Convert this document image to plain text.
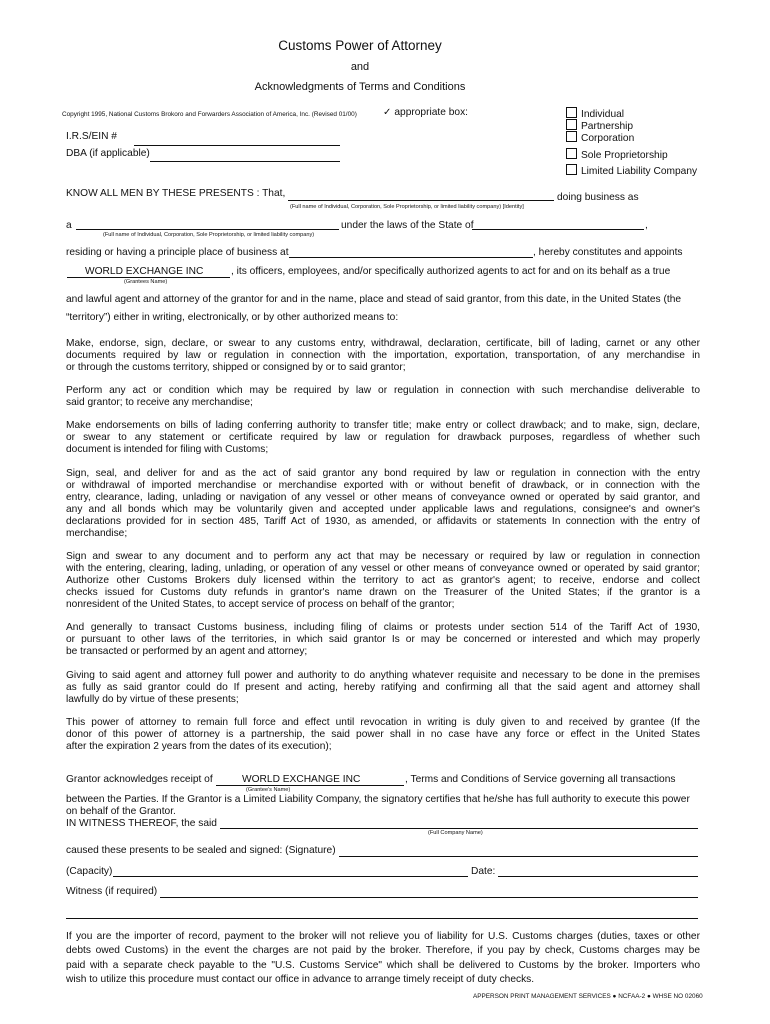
Customs Power of Attorney
and
Acknowledgments of Terms and Conditions
Copyright 1995, National Customs Brokoro and Forwarders Association of America, Inc. (Revised 01/00)	✓ appropriate box:	Individual
Partnership
Corporation
Sole Proprietorship
Limited Liability Company
I.R.S/EIN #
DBA (if applicable)
KNOW ALL MEN BY THESE PRESENTS : That,	doing business as
(Full name of Individual, Corporation, Sole Proprietorship, or limited liability company) [Identity]
a	under the laws of the State of	,
(Full name of Individual, Corporation, Sole Proprietorship, or limited liability company)
residing or having a principle place of business at	, hereby constitutes and appoints
WORLD EXCHANGE INC	, its officers, employees, and/or specifically authorized agents to act for and on its behalf as a true
(Grantees Name)
and lawful agent and attorney of the grantor for and in the name, place and stead of said grantor, from this date, in the United States (the
“territory”) either in writing, electronically, or by other authorized means to:
Make, endorse, sign, declare, or swear to any customs entry, withdrawal, declaration, certificate, bill of lading, carnet or any other
documents required by law or regulation in connection with the importation, exportation, transportation, of any merchandise in
or through the customs territory, shipped or consigned by or to said grantor;
Perform any act or condition which may be required by law or regulation in connection with such merchandise deliverable to
said grantor; to receive any merchandise;
Make endorsements on bills of lading conferring authority to transfer title; make entry or collect drawback; and to make, sign, declare,
or swear to any statement or certificate required by law or regulation for drawback purposes, regardless of whether such
document is intended for filing with Customs;
Sign, seal, and deliver for and as the act of said grantor any bond required by law or regulation in connection with the entry
or withdrawal of imported merchandise or merchandise exported with or without benefit of drawback, or in connection with the
entry, clearance, lading, unlading or navigation of any vessel or other means of conveyance owned or operated by said grantor, and
any and all bonds which may be voluntarily given and accepted under applicable laws and regulations, consignee's and owner's
declarations provided for in section 485, Tariff Act of 1930, as amended, or affidavits or statements In connection with the entry of
merchandise;
Sign and swear to any document and to perform any act that may be necessary or required by law or regulation in connection
with the entering, clearing, lading, unlading, or operation of any vessel or other means of conveyance owned or operated by said grantor;
Authorize other Customs Brokers duly licensed within the territory to act as grantor's agent; to receive, endorse and collect
checks issued for Customs duty refunds in grantor's name drawn on the Treasurer of the United States; if the grantor is a
nonresident of the United States, to accept service of process on behalf of the grantor;
And generally to transact Customs business, including filing of claims or protests under section 514 of the Tariff Act of 1930,
or pursuant to other laws of the territories, in which said grantor Is or may be concerned or interested and which may properly
be transacted or performed by an agent and attorney;
Giving to said agent and attorney full power and authority to do anything whatever requisite and necessary to be done in the premises
as fully as said grantor could do If present and acting, hereby ratifying and confirming all that the said agent and attorney shall
lawfully do by virtue of these presents;
This power of attorney to remain full force and effect until revocation in writing is duly given to and received by grantee (If the
donor of this power of attorney is a partnership, the said power shall in no case have any force or effect in the United States
after the expiration 2 years from the dates of its execution);
Grantor acknowledges receipt of	WORLD EXCHANGE INC	, Terms and Conditions of Service governing all transactions
(Grantee's Name)
between the Parties. If the Grantor is a Limited Liability Company, the signatory certifies that he/she has full authority to execute this power
on behalf of the Grantor.
IN WITNESS THEREOF, the said
(Full Company Name)
caused these presents to be sealed and signed: (Signature)
(Capacity)	Date:
Witness (if required)
If you are the importer of record, payment to the broker will not relieve you of liability for U.S. Customs charges (duties, taxes or other
debts owed Customs) in the event the charges are not paid by the broker. Therefore, if you pay by check, Customs charges may be
paid with a separate check payable to the "U.S. Customs Service" which shall be delivered to Customs by the broker. Importers who
wish to utilize this procedure must contact our office in advance to arrange timely receipt of duty checks.
APPERSON PRINT MANAGEMENT SERVICES ● NCFAA-2 ● WHSE NO 02060
